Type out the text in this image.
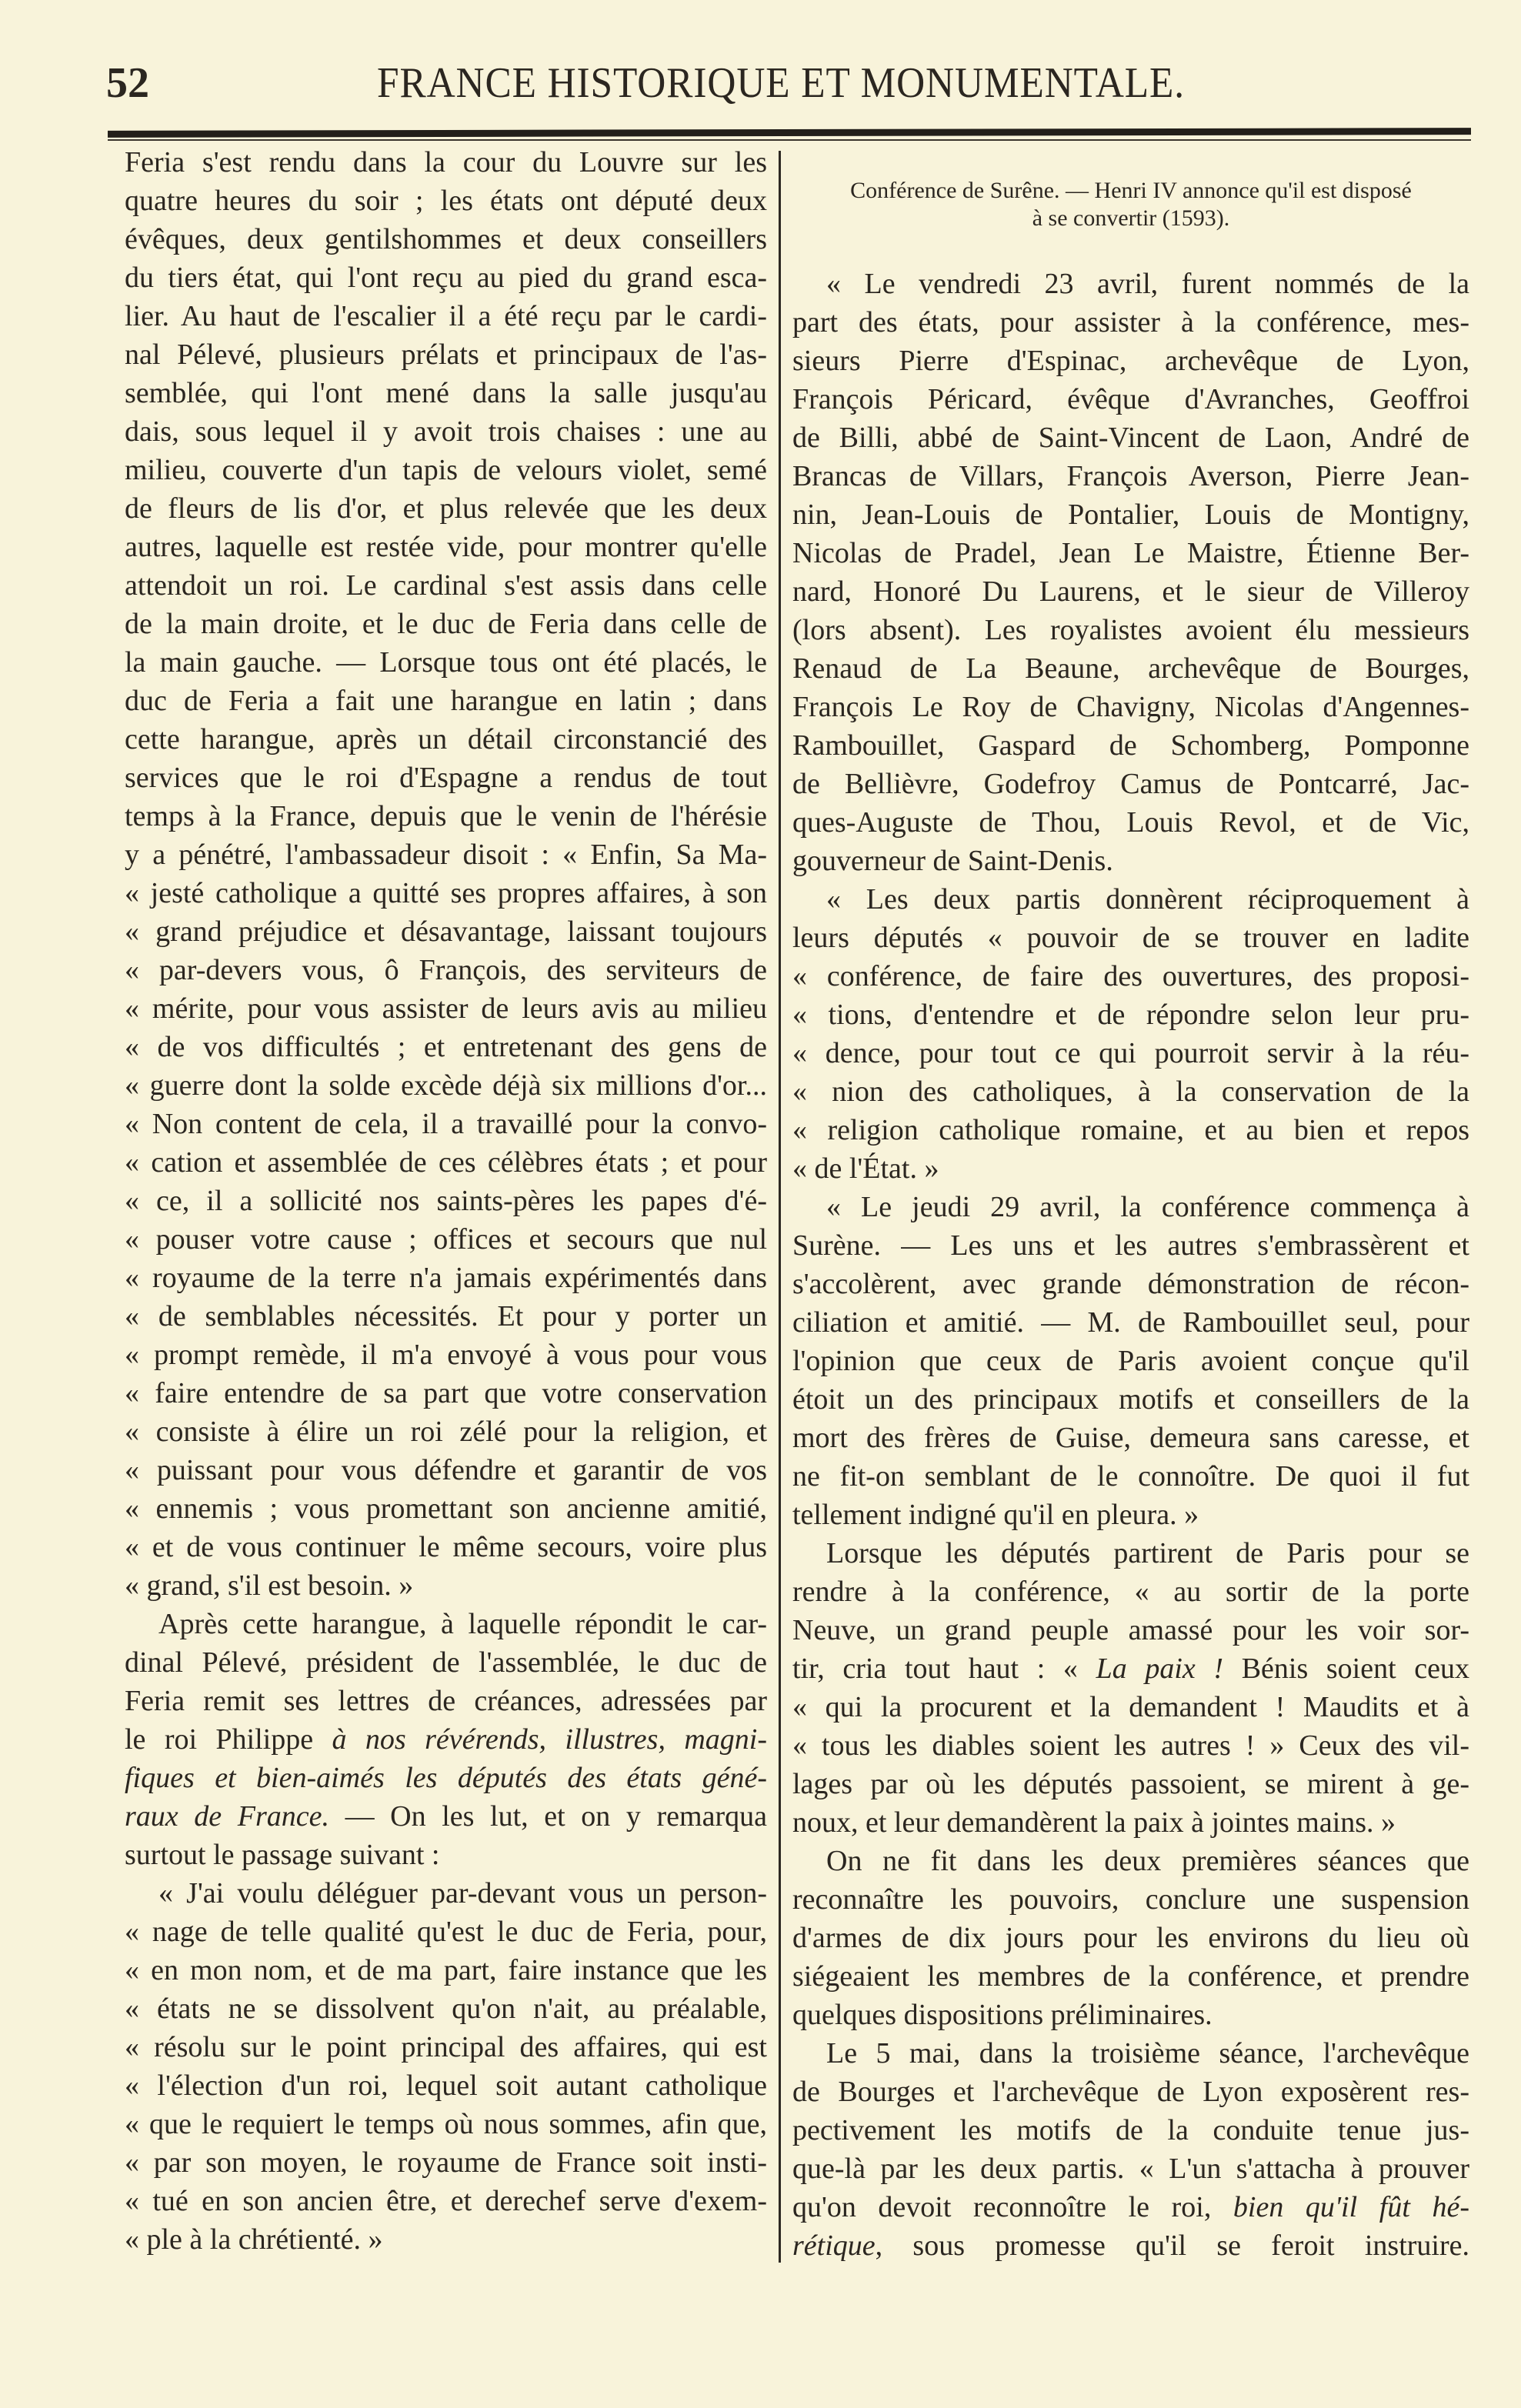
52	FRANCE HISTORIQUE ET MONUMENTALE.
Feria s'est rendu dans la cour du Louvre sur les
quatre heures du soir ; les états ont député deux
évêques, deux gentilshommes et deux conseillers
du tiers état, qui l'ont reçu au pied du grand esca-
lier. Au haut de l'escalier il a été reçu par le cardi-
nal Pélevé, plusieurs prélats et principaux de l'as-
semblée, qui l'ont mené dans la salle jusqu'au
dais, sous lequel il y avoit trois chaises : une au
milieu, couverte d'un tapis de velours violet, semé
de fleurs de lis d'or, et plus relevée que les deux
autres, laquelle est restée vide, pour montrer qu'elle
attendoit un roi. Le cardinal s'est assis dans celle
de la main droite, et le duc de Feria dans celle de
la main gauche. — Lorsque tous ont été placés, le
duc de Feria a fait une harangue en latin ; dans
cette harangue, après un détail circonstancié des
services que le roi d'Espagne a rendus de tout
temps à la France, depuis que le venin de l'hérésie
y a pénétré, l'ambassadeur disoit : « Enfin, Sa Ma-
« jesté catholique a quitté ses propres affaires, à son
« grand préjudice et désavantage, laissant toujours
« par-devers vous, ô François, des serviteurs de
« mérite, pour vous assister de leurs avis au milieu
« de vos difficultés ; et entretenant des gens de
« guerre dont la solde excède déjà six millions d'or...
« Non content de cela, il a travaillé pour la convo-
« cation et assemblée de ces célèbres états ; et pour
« ce, il a sollicité nos saints-pères les papes d'é-
« pouser votre cause ; offices et secours que nul
« royaume de la terre n'a jamais expérimentés dans
« de semblables nécessités. Et pour y porter un
« prompt remède, il m'a envoyé à vous pour vous
« faire entendre de sa part que votre conservation
« consiste à élire un roi zélé pour la religion, et
« puissant pour vous défendre et garantir de vos
« ennemis ; vous promettant son ancienne amitié,
« et de vous continuer le même secours, voire plus
« grand, s'il est besoin. »
Après cette harangue, à laquelle répondit le car-
dinal Pélevé, président de l'assemblée, le duc de
Feria remit ses lettres de créances, adressées par
le roi Philippe à nos révérends, illustres, magni-
fiques et bien-aimés les députés des états géné-
raux de France. — On les lut, et on y remarqua
surtout le passage suivant :
« J'ai voulu déléguer par-devant vous un person-
« nage de telle qualité qu'est le duc de Feria, pour,
« en mon nom, et de ma part, faire instance que les
« états ne se dissolvent qu'on n'ait, au préalable,
« résolu sur le point principal des affaires, qui est
« l'élection d'un roi, lequel soit autant catholique
« que le requiert le temps où nous sommes, afin que,
« par son moyen, le royaume de France soit insti-
« tué en son ancien être, et derechef serve d'exem-
« ple à la chrétienté. »
Conférence de Surêne. — Henri IV annonce qu'il est disposé
à se convertir (1593).
« Le vendredi 23 avril, furent nommés de la
part des états, pour assister à la conférence, mes-
sieurs Pierre d'Espinac, archevêque de Lyon,
François Péricard, évêque d'Avranches, Geoffroi
de Billi, abbé de Saint-Vincent de Laon, André de
Brancas de Villars, François Averson, Pierre Jean-
nin, Jean-Louis de Pontalier, Louis de Montigny,
Nicolas de Pradel, Jean Le Maistre, Étienne Ber-
nard, Honoré Du Laurens, et le sieur de Villeroy
(lors absent). Les royalistes avoient élu messieurs
Renaud de La Beaune, archevêque de Bourges,
François Le Roy de Chavigny, Nicolas d'Angennes-
Rambouillet, Gaspard de Schomberg, Pomponne
de Bellièvre, Godefroy Camus de Pontcarré, Jac-
ques-Auguste de Thou, Louis Revol, et de Vic,
gouverneur de Saint-Denis.
« Les deux partis donnèrent réciproquement à
leurs députés « pouvoir de se trouver en ladite
« conférence, de faire des ouvertures, des proposi-
« tions, d'entendre et de répondre selon leur pru-
« dence, pour tout ce qui pourroit servir à la réu-
« nion des catholiques, à la conservation de la
« religion catholique romaine, et au bien et repos
« de l'État. »
« Le jeudi 29 avril, la conférence commença à
Surène. — Les uns et les autres s'embrassèrent et
s'accolèrent, avec grande démonstration de récon-
ciliation et amitié. — M. de Rambouillet seul, pour
l'opinion que ceux de Paris avoient conçue qu'il
étoit un des principaux motifs et conseillers de la
mort des frères de Guise, demeura sans caresse, et
ne fit-on semblant de le connoître. De quoi il fut
tellement indigné qu'il en pleura. »
Lorsque les députés partirent de Paris pour se
rendre à la conférence, « au sortir de la porte
Neuve, un grand peuple amassé pour les voir sor-
tir, cria tout haut : « La paix ! Bénis soient ceux
« qui la procurent et la demandent ! Maudits et à
« tous les diables soient les autres ! » Ceux des vil-
lages par où les députés passoient, se mirent à ge-
noux, et leur demandèrent la paix à jointes mains. »
On ne fit dans les deux premières séances que
reconnaître les pouvoirs, conclure une suspension
d'armes de dix jours pour les environs du lieu où
siégeaient les membres de la conférence, et prendre
quelques dispositions préliminaires.
Le 5 mai, dans la troisième séance, l'archevêque
de Bourges et l'archevêque de Lyon exposèrent res-
pectivement les motifs de la conduite tenue jus-
que-là par les deux partis. « L'un s'attacha à prouver
qu'on devoit reconnoître le roi, bien qu'il fût hé-
rétique, sous promesse qu'il se feroit instruire.
